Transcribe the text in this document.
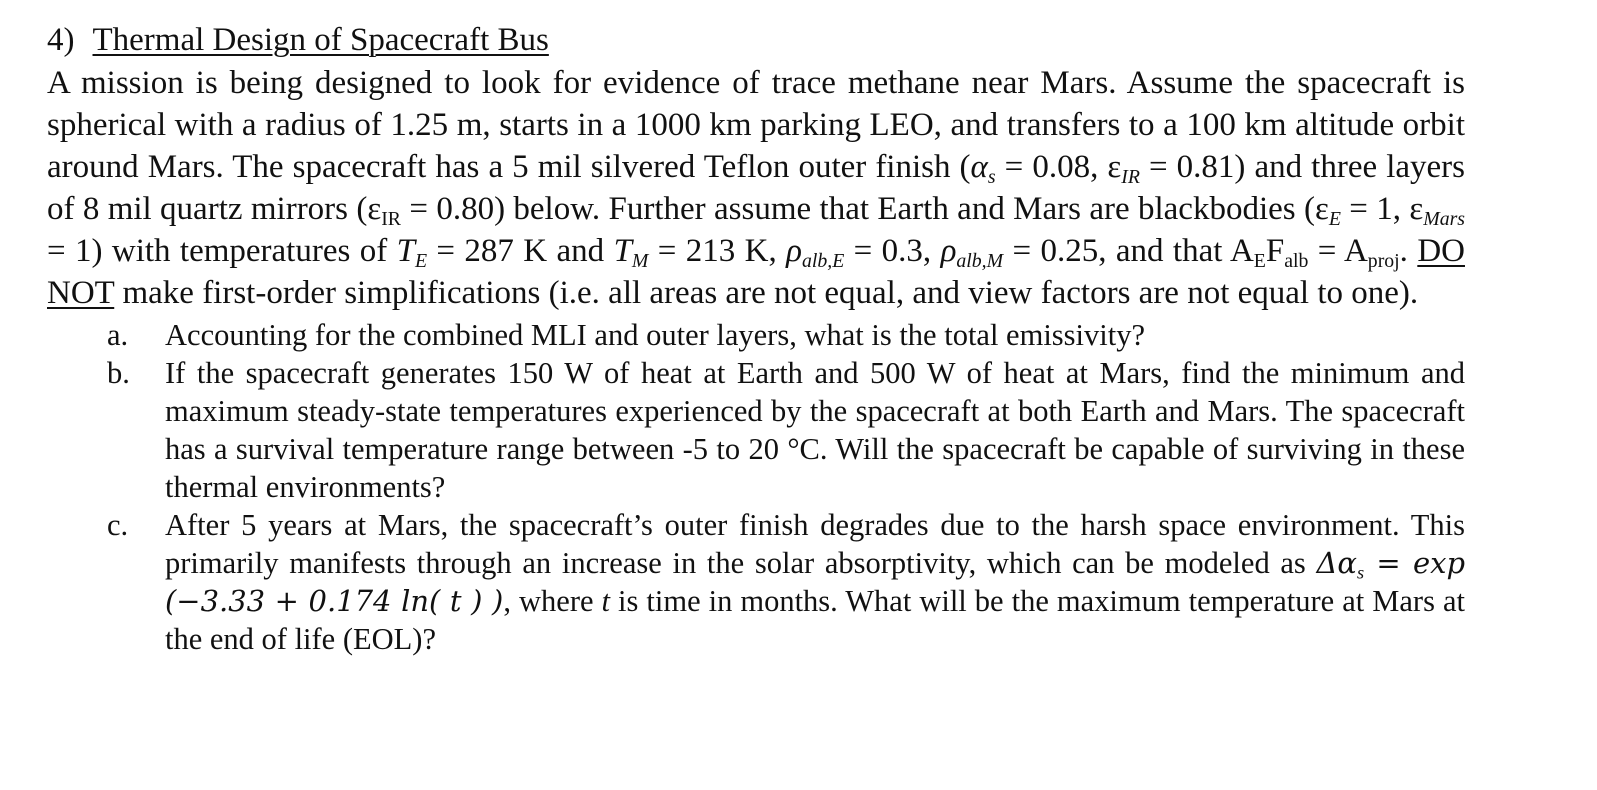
4) Thermal Design of Spacecraft Bus

A mission is being designed to look for evidence of trace methane near Mars. Assume the spacecraft is spherical with a radius of 1.25 m, starts in a 1000 km parking LEO, and transfers to a 100 km altitude orbit around Mars. The spacecraft has a 5 mil silvered Teflon outer finish ($\alpha_s = 0.08$, $\varepsilon_{IR} = 0.81$) and three layers of 8 mil quartz mirrors $(\varepsilon_{IR} = 0.80)$ below. Further assume that Earth and Mars are blackbodies ($\varepsilon_E = 1$, $\varepsilon_{Mars} = 1$) with temperatures of $T_E = 287$ K and $T_M = 213$ K, $\rho_{alb,E} = 0.3$, $\rho_{alb,M} = 0.25$, and that $A_EF_{alb} = A_{proj}$. DO NOT make first-order simplifications (i.e. all areas are not equal, and view factors are not equal to one).

a.	Accounting for the combined MLI and outer layers, what is the total emissivity?
b.	If the spacecraft generates 150 W of heat at Earth and 500 W of heat at Mars, find the minimum and maximum steady-state temperatures experienced by the spacecraft at both Earth and Mars. The spacecraft has a survival temperature range between -5 to 20 °C. Will the spacecraft be capable of surviving in these thermal environments?
c.	After 5 years at Mars, the spacecraft’s outer finish degrades due to the harsh space environment. This primarily manifests through an increase in the solar absorptivity, which can be modeled as $\Delta\alpha_s = \exp (-3.33 + 0.174$ ln( t ) ), where t is time in months. What will be the maximum temperature at Mars at the end of life (EOL)?
